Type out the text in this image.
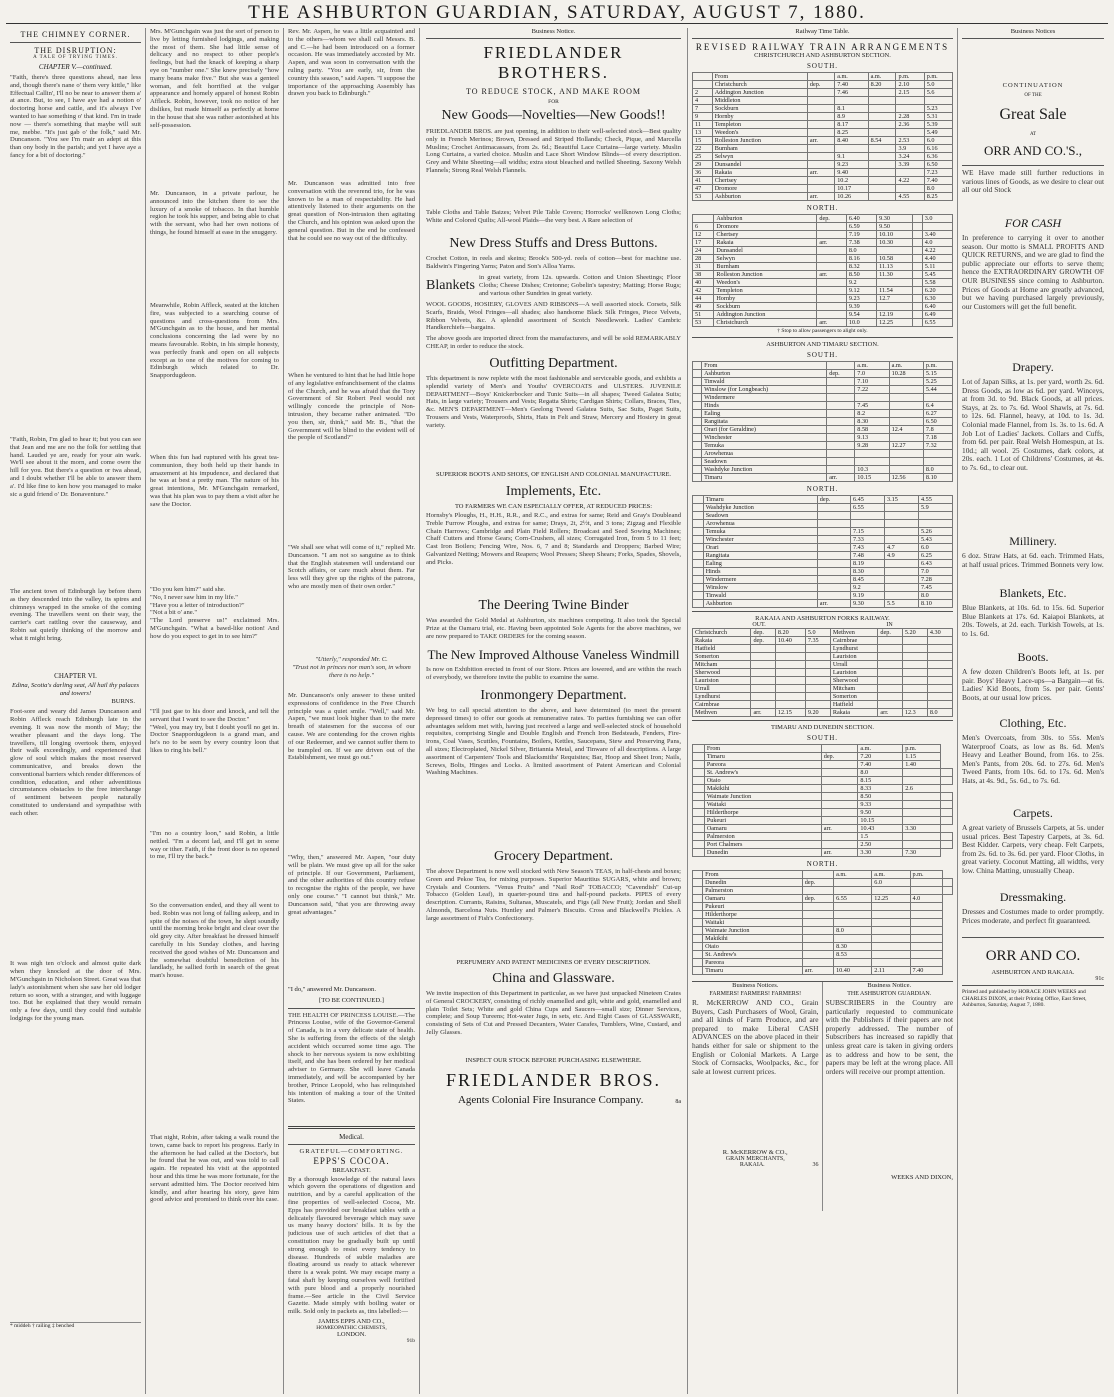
THE ASHBURTON GUARDIAN, SATURDAY, AUGUST 7, 1880.
THE CHIMNEY CORNER.
THE DISRUPTION:
A TALE OF TRYING TIMES.
CHAPTER V.—continued.
"Faith, there's three questions ahead, nae less and, though there's nane o' them very kittle," like Effectual Callin', I'll no be near to answer them a' at ance. But, to see, I have aye had a notion o' doctoring horse and cattle, and it's always I've wanted to hae something o' that kind. I'm in trade now — there's something that maybe will suit me, mebbe. "It's just gab o' the folk," said Mr. Duncanson. "You see I'm mair an adept at this than ony body in the parish; and yet I have aye a fancy for a bit of doctoring."
"Faith, Robin, I'm glad to hear it; but you can see that Jean and me are no the folk for settling that hand. Lauded ye are, ready for your ain wark. We'll see about it the morn, and come owre the hill for you. But there's a question or twa ahead, and I doubt whether I'll be able to answer them a'. I'd like fine to ken how you managed to make sic a guid friend o' Dr. Bonaventure."
The ancient town of Edinburgh lay before them as they descended into the valley, its spires and chimneys wrapped in the smoke of the coming evening. The travellers went on their way, the carrier's cart rattling over the causeway, and Robin sat quietly thinking of the morrow and what it might bring.
CHAPTER VI.
Edina, Scotia's darling seat, All hail thy palaces and towers!
BURNS.
Foot-sore and weary did James Duncanson and Robin Affleck reach Edinburgh late in the evening. It was now the month of May; the weather pleasant and the days long. The travellers, till longing overtook them, enjoyed their walk exceedingly, and experienced that glow of soul which makes the most reserved communicative, and breaks down the conventional barriers which render differences of condition, education, and other adventitious circumstances obstacles to the free interchange of sentiment between people naturally constituted to understand and sympathise with each other.
It was nigh ten o'clock and almost quite dark when they knocked at the door of Mrs. M'Gunchgain in Nicholson Street. Great was that lady's astonishment when she saw her old lodger return so soon, with a stranger, and with luggage too. But he explained that they would remain only a few days, until they could find suitable lodgings for the young man.
* middeh † railing ‡ benched
Mrs. M'Gunchgain was just the sort of person to live by letting furnished lodgings, and making the most of them. She had little sense of delicacy and no respect to other people's feelings, but had the knack of keeping a sharp eye on "number one." She knew precisely "how many beans make five." But she was a genteel woman, and felt horrified at the vulgar appearance and homely apparel of honest Robin Affleck. Robin, however, took no notice of her dislikes, but made himself as perfectly at home in the house that she was rather astonished at his self-possession.
Mr. Duncanson, in a private parlour, he announced into the kitchen there to see the luxury of a smoke of tobacco. In that humble region he took his supper, and being able to chat with the servant, who had her own notions of things, he found himself at ease in the snuggery.
Meanwhile, Robin Affleck, seated at the kitchen fire, was subjected to a searching course of questions and cross-questions from Mrs. M'Gunchgain as to the house, and her mental conclusions concerning the lad were by no means favourable. Robin, in his simple honesty, was perfectly frank and open on all subjects except as to one of the motives for coming to Edinburgh which related to Dr. Snappordugdeon.
When this fun had ruptured with his great tea-communion, they both held up their hands in amazement at his impudence, and declared that he was at best a pretty man. The nature of his great intentions, Mr. M'Gunchgain remarked, was that his plan was to pay them a visit after he saw the Doctor.
"Do you ken him?" said she.
"No, I never saw him in my life."
"Have you a letter of introduction?"
"Not a bit o' ane."
"The Lord preserve us!" exclaimed Mrs. M'Gunchgain. "What a bawd-like notion! And how do you expect to get in to see him?"
"I'll just gae to his door and knock, and tell the servant that I want to see the Doctor."
"Weel, you may try, but I doubt you'll no get in. Doctor Snappordugdeon is a grand man, and he's no to be seen by every country loon that likes to ring his bell."
"I'm no a country loon," said Robin, a little nettled. "I'm a decent lad, and I'll get in some way or ither. Faith, if the front door is no opened to me, I'll try the back."
So the conversation ended, and they all went to bed. Robin was not long of falling asleep, and in spite of the noises of the town, he slept soundly until the morning broke bright and clear over the old grey city. After breakfast he dressed himself carefully in his Sunday clothes, and having received the good wishes of Mr. Duncanson and the somewhat doubtful benediction of his landlady, he sallied forth in search of the great man's house.
That night, Robin, after taking a walk round the town, came back to report his progress. Early in the afternoon he had called at the Doctor's, but he found that he was out, and was told to call again. He repeated his visit at the appointed hour and this time he was more fortunate, for the servant admitted him. The Doctor received him kindly, and after hearing his story, gave him good advice and promised to think over his case.
Rev. Mr. Aspen, he was a little acquainted and to the others—whom we shall call Messrs. B. and C.—he had been introduced on a former occasion. He was immediately accosted by Mr. Aspen, and was soon in conversation with the ruling party. "You are early, sir, from the country this season," said Aspen. "I suppose the importance of the approaching Assembly has drawn you back to Edinburgh."
Mr. Duncanson was admitted into free conversation with the reverend trio, for he was known to be a man of respectability. He had attentively listened to their arguments on the great question of Non-intrusion then agitating the Church, and his opinion was asked upon the general question. But in the end he confessed that he could see no way out of the difficulty.
When he ventured to hint that he had little hope of any legislative enfranchisement of the claims of the Church, and he was afraid that the Tory Government of Sir Robert Peel would not willingly concede the principle of Non-intrusion, they became rather animated. "Do you then, sir, think," said Mr. B., "that the Government will be blind to the evident will of the people of Scotland?"
"We shall see what will come of it," replied Mr. Duncanson. "I am not so sanguine as to think that the English statesmen will understand our Scotch affairs, or care much about them. Far less will they give up the rights of the patrons, who are mostly men of their own order."
"Utterly," responded Mr. C.
"Trust not in princes nor man's son, in whom there is no help."
Mr. Duncanson's only answer to these united expressions of confidence in the Free Church principle was a quiet smile. "Well," said Mr. Aspen, "we must look higher than to the mere breath of statesmen for the success of our cause. We are contending for the crown rights of our Redeemer, and we cannot suffer them to be trampled on. If we are driven out of the Establishment, we must go out."
"Why, then," answered Mr. Aspen, "our duty will be plain. We must give up all for the sake of principle. If our Government, Parliament, and the other authorities of this country refuse to recognise the rights of the people, we have only one course." "I cannot but think," Mr. Duncanson said, "that you are throwing away great advantages."
"I do," answered Mr. Duncanson.
[TO BE CONTINUED.]
THE HEALTH OF PRINCESS LOUISE.—The Princess Louise, wife of the Governor-General of Canada, is in a very delicate state of health. She is suffering from the effects of the sleigh accident which occurred some time ago. The shock to her nervous system is now exhibiting itself, and she has been ordered by her medical adviser to Germany. She will leave Canada immediately, and will be accompanied by her brother, Prince Leopold, who has relinquished his intention of making a tour of the United States.
Medical.
GRATEFUL—COMFORTING.
EPPS'S COCOA.
BREAKFAST.
By a thorough knowledge of the natural laws which govern the operations of digestion and nutrition, and by a careful application of the fine properties of well-selected Cocoa, Mr. Epps has provided our breakfast tables with a delicately flavoured beverage which may save us many heavy doctors' bills. It is by the judicious use of such articles of diet that a constitution may be gradually built up until strong enough to resist every tendency to disease. Hundreds of subtle maladies are floating around us ready to attack wherever there is a weak point. We may escape many a fatal shaft by keeping ourselves well fortified with pure blood and a properly nourished frame.—See article in the Civil Service Gazette. Made simply with boiling water or milk. Sold only in packets as, tins labelled:—
JAMES EPPS AND CO.,
HOMŒOPATHIC CHEMISTS,
LONDON.
91b
Business Notice.
FRIEDLANDER BROTHERS.
TO REDUCE STOCK, AND MAKE ROOM
FOR
New Goods—Novelties—New Goods!!
FRIEDLANDER BROS. are just opening, in addition to their well-selected stock—Best quality only in French Merinos; Brown, Dressed and Striped Hollands; Check, Pique, and Marcella Muslins; Crochet Antimacassars, from 2s. 6d.; Beautiful Lace Curtains—large variety. Muslin Long Curtains, a varied choice. Muslin and Lace Short Window Blinds—of every description. Grey and White Sheeting—all widths; extra stout bleached and twilled Sheeting. Saxony Welsh Flannels; Strong Real Welsh Flannels.
Table Cloths and Table Baizes; Velvet Pile Table Covers; Horrocks' wellknown Long Cloths; White and Colored Quilts; All-wool Plaids—the very best. A Rare selection of
New Dress Stuffs and Dress Buttons.
Crochet Cotton, in reels and skeins; Brook's 500-yd. reels of cotton—best for machine use. Baldwin's Fingering Yarns; Paton and Son's Alloa Yarns.
Blankets
in great variety, from 12s. upwards. Cotton and Union Sheetings; Floor Cloths; Cheese Dishes; Cretonne; Gobelin's tapestry; Matting; Horse Rugs; and various other Sundries in great variety.
WOOL GOODS, HOSIERY, GLOVES AND RIBBONS—A well assorted stock. Corsets, Silk Scarfs, Braids, Wool Fringes—all shades; also handsome Black Silk Fringes, Piece Velvets, Ribbon Velvets, &c. A splendid assortment of Scotch Needlework. Ladies' Cambric Handkerchiefs—bargains.
The above goods are imported direct from the manufacturers, and will be sold REMARKABLY CHEAP, in order to reduce the stock.
Outfitting Department.
This department is now replete with the most fashionable and serviceable goods, and exhibits a splendid variety of Men's and Youths' OVERCOATS and ULSTERS. JUVENILE DEPARTMENT—Boys' Knickerbocker and Tunic Suits—in all shapes; Tweed Galatea Suits; Hats, in large variety; Trousers and Vests; Regatta Shirts; Cardigan Shirts; Collars, Braces, Ties, &c. MEN'S DEPARTMENT—Men's Geelong Tweed Galatea Suits, Sac Suits, Paget Suits, Trousers and Vests, Waterproofs, Shirts, Hats in Felt and Straw, Mercery and Hosiery in great variety.
SUPERIOR BOOTS AND SHOES, OF ENGLISH AND COLONIAL MANUFACTURE.
Implements, Etc.
TO FARMERS WE CAN ESPECIALLY OFFER, AT REDUCED PRICES:
Hornsby's Ploughs, H., H.H., R.R., and R.C., and extras for same; Reid and Gray's Doubleand Treble Furrow Ploughs, and extras for same; Drays, 2t, 2½t, and 3 tons; Zigzag and Flexible Chain Harrows; Cambridge and Plain Field Rollers; Broadcast and Seed Sowing Machines; Chaff Cutters and Horse Gears; Corn-Crushers, all sizes; Corrugated Iron, from 5 to 11 feet; Cast Iron Boilers; Fencing Wire, Nos. 6, 7 and 8; Standards and Droppers; Barbed Wire; Galvanized Netting; Mowers and Reapers; Wool Presses; Sheep Shears; Forks, Spades, Shovels, and Picks.
The Deering Twine Binder
Was awarded the Gold Medal at Ashburton, six machines competing. It also took the Special Prize at the Oamaru trial, etc. Having been appointed Sole Agents for the above machines, we are now prepared to TAKE ORDERS for the coming season.
The New Improved Althouse Vaneless Windmill
Is now on Exhibition erected in front of our Store. Prices are lowered, and are within the reach of everybody, we therefore invite the public to examine the same.
Ironmongery Department.
We beg to call special attention to the above, and have determined (to meet the present depressed times) to offer our goods at remunerative rates. To parties furnishing we can offer advantages seldom met with, having just received a large and well-selected stock of household requisites, comprising Single and Double English and French Iron Bedsteads, Fenders, Fire-irons, Coal Vases, Scuttles, Fountains, Boilers, Kettles, Saucepans, Stew and Preserving Pans, all sizes; Electroplated, Nickel Silver, Britannia Metal, and Tinware of all descriptions. A large assortment of Carpenters' Tools and Blacksmiths' Requisites; Bar, Hoop and Sheet Iron; Nails, Screws, Bolts, Hinges and Locks. A limited assortment of Patent American and Colonial Washing Machines.
Grocery Department.
The above Department is now well stocked with New Season's TEAS, in half-chests and boxes; Green and Pekoe Tea, for mixing purposes. Superior Mauritius SUGARS, white and brown; Crystals and Counters. "Venus Fruits" and "Nail Rod" TOBACCO; "Cavendish" Cut-up Tobacco (Golden Leaf), in quarter-pound tins and half-pound packets. PIPES of every description. Currants, Raisins, Sultanas, Muscatels, and Figs (all New Fruit); Jordan and Shell Almonds, Barcelona Nuts. Huntley and Palmer's Biscuits. Cross and Blackwell's Pickles. A large assortment of Fish's Confectionery.
PERFUMERY AND PATENT MEDICINES OF EVERY DESCRIPTION.
China and Glassware.
We invite inspection of this Department in particular, as we have just unpacked Nineteen Crates of General CROCKERY, consisting of richly enamelled and gilt, white and gold, enamelled and plain Toilet Sets; White and gold China Cups and Saucers—small size; Dinner Services, complete; and Soup Tureens; Hot-water Jugs, in sets, etc. And Eight Cases of GLASSWARE, consisting of Sets of Cut and Pressed Decanters, Water Carafes, Tumblers, Wine, Custard, and Jelly Glasses.
INSPECT OUR STOCK BEFORE PURCHASING ELSEWHERE.
FRIEDLANDER BROS.
Agents Colonial Fire Insurance Company.	8a
Railway Time Table.
REVISED RAILWAY TRAIN ARRANGEMENTS
CHRISTCHURCH AND ASHBURTON SECTION.
SOUTH.
	From		a.m.	a.m.	p.m.	p.m.
	Christchurch	dep.	7.40	8.20	2.10	5.0
2	Addington Junction		7.46		2.15	5.6
4	Middleton					
7	Sockburn		8.1			5.23
9	Hornby		8.9		2.28	5.31
11	Templeton		8.17		2.36	5.39
13	Weedon's		8.25			5.49
15	Rolleston Junction	arr.	8.40	8.54	2.53	6.0
22	Burnham				3.9	6.16
25	Selwyn		9.1		3.24	6.36
29	Dunsandel		9.23		3.39	6.50
36	Rakaia	arr.	9.40			7.23
41	Chertsey		10.2		4.22	7.40
47	Dromore		10.17			8.0
53	Ashburton	arr.	10.26		4.55	8.25
NORTH.
	Ashburton	dep.	6.40	9.30		3.0
6	Dromore		6.59	9.50		
12	Chertsey		7.19	10.10		3.40
17	Rakaia	arr.	7.38	10.30		4.0
24	Dunsandel		8.0			4.22
28	Selwyn		8.16	10.58		4.40
31	Burnham		8.32	11.13		5.11
38	Rolleston Junction	arr.	8.50	11.30		5.45
40	Weedon's		9.2			5.58
42	Templeton		9.12	11.54		6.20
44	Hornby		9.23	12.7		6.30
49	Sockburn		9.39			6.40
51	Addington Junction		9.54	12.19		6.49
53	Christchurch	arr.	10.0	12.25		6.55
† Stop to allow passengers to alight only.
ASHBURTON AND TIMARU SECTION.
SOUTH.
	From		a.m.	a.m.	p.m.
	Ashburton	dep.	7.0	10.28	5.15
	Tinwald		7.10		5.25
	Winslow (for Longbeach)		7.22		5.44
	Windermere				
	Hinds		7.45		6.4
	Ealing		8.2		6.27
	Rangitata		8.30		6.50
	Orari (for Geraldine)		8.58	12.4	7.8
	Winchester		9.13		7.18
	Temuka		9.28	12.27	7.32
	Arowhenua				
	Seadown				
	Washdyke Junction		10.3		8.0
	Timaru	arr.	10.15	12.56	8.10
NORTH.
	Timaru	dep.	6.45	3.15	4.55
	Washdyke Junction		6.55		5.9
	Seadown				
	Arowhenua				
	Temuka		7.15		5.26
	Winchester		7.33		5.43
	Orari		7.43	4.7	6.0
	Rangitata		7.48	4.9	6.25
	Ealing		8.19		6.43
	Hinds		8.30		7.0
	Windermere		8.45		7.28
	Winslow		9.2		7.45
	Tinwald		9.19		8.0
	Ashburton	arr.	9.30	5.5	8.10
RAKAIA AND ASHBURTON FORKS RAILWAY.
OUT.	IN
Christchurch	dep.	8.20	5.0	Methven	dep.	5.20	4.30
Rakaia	dep.	10.40	7.35	Cairnbrae			
Hatfield				Lyndhurst			
Somerton				Lauriston			
Mitcham				Urrall			
Sherwood				Lauriston			
Lauriston				Sherwood			
Urrall				Mitcham			
Lyndhurst				Somerton			
Cairnbrae				Hatfield			
Methven	arr.	12.15	9.20	Rakaia	arr.	12.3	8.0
TIMARU AND DUNEDIN SECTION.
SOUTH.
	From		a.m.	p.m.	
	Timaru	dep.	7.20	1.15	
	Pareora		7.40	1.40	
	St. Andrew's		8.0		
	Otaio		8.15		
	Makikihi		8.33	2.6	
	Waimate Junction		8.50		
	Waitaki		9.33		
	Hilderthorpe		9.50		
	Pukeuri		10.15		
	Oamaru	arr.	10.43	3.30	
	Palmerston		1.5		
	Port Chalmers		2.50		
	Dunedin	arr.	3.30	7.30	
NORTH.
	From		a.m.	a.m.	p.m.	
	Dunedin	dep.		6.0		
	Palmerston					
	Oamaru	dep.	6.55	12.25	4.0	
	Pukeuri					
	Hilderthorpe					
	Waitaki					
	Waimate Junction		8.0			
	Makikihi					
	Otaio		8.30			
	St. Andrew's		8.53			
	Pareora					
	Timaru	arr.	10.40	2.11	7.40	
Business Notices.
FARMERS! FARMERS! FARMERS!
R. McKERROW AND CO., Grain Buyers, Cash Purchasers of Wool, Grain, and all kinds of Farm Produce, and are prepared to make Liberal CASH ADVANCES on the above placed in their hands either for sale or shipment to the English or Colonial Markets. A Large Stock of Cornsacks, Woolpacks, &c., for sale at lowest current prices.
R. McKERROW & CO.,
GRAIN MERCHANTS,
RAKAIA.	36
Business Notice.
THE ASHBURTON GUARDIAN.
SUBSCRIBERS in the Country are particularly requested to communicate with the Publishers if their papers are not properly addressed. The number of Subscribers has increased so rapidly that unless great care is taken in giving orders as to address and how to be sent, the papers may be left at the wrong place. All orders will receive our prompt attention.
WEEKS AND DIXON,
Business Notices
CONTINUATION
OF THE
Great Sale
AT
ORR AND CO.'S.,
WE Have made still further reductions in various lines of Goods, as we desire to clear out all our old Stock
FOR CASH
In preference to carrying it over to another season. Our motto is SMALL PROFITS AND QUICK RETURNS, and we are glad to find the public appreciate our efforts to serve them; hence the EXTRAORDINARY GROWTH OF OUR BUSINESS since coming to Ashburton. Prices of Goods at Home are greatly advanced, but we having purchased largely previously, our Customers will get the full benefit.
Drapery.
Lot of Japan Silks, at 1s. per yard, worth 2s. 6d. Dress Goods, as low as 6d. per yard. Winceys, at from 3d. to 9d. Black Goods, at all prices. Stays, at 2s. to 7s. 6d. Wool Shawls, at 7s. 6d. to 12s. 6d. Flannel, heavy, at 10d. to 1s. 3d. Colonial made Flannel, from 1s. 3s. to 1s. 6d. A Job Lot of Ladies' Jackets. Collars and Cuffs, from 6d. per pair. Real Welsh Homespun, at 1s. 10d.; all wool. 25 Costumes, dark colors, at 20s. each. 1 Lot of Childrens' Costumes, at 4s. to 7s. 6d., to clear out.
Millinery.
6 doz. Straw Hats, at 6d. each. Trimmed Hats, at half usual prices. Trimmed Bonnets very low.
Blankets, Etc.
Blue Blankets, at 10s. 6d. to 15s. 6d. Superior Blue Blankets at 17s. 6d. Kaiapoi Blankets, at 20s. Towels, at 2d. each. Turkish Towels, at 1s. to 1s. 6d.
Boots.
A few dozen Children's Boots left, at 1s. per pair. Boys' Heavy Lace-ups—a Bargain—at 6s. Ladies' Kid Boots, from 5s. per pair. Gents' Boots, at our usual low prices.
Clothing, Etc.
Men's Overcoats, from 30s. to 55s. Men's Waterproof Coats, as low as 8s. 6d. Men's Heavy and Leather Bound, from 16s. to 25s. Men's Pants, from 20s. 6d. to 27s. 6d. Men's Tweed Pants, from 10s. 6d. to 17s. 6d. Men's Hats, at 4s. 9d., 5s. 6d., to 7s. 6d.
Carpets.
A great variety of Brussels Carpets, at 5s. under usual prices. Best Tapestry Carpets, at 3s. 6d. Best Kidder. Carpets, very cheap. Felt Carpets, from 2s. 6d. to 3s. 6d. per yard. Floor Cloths, in great variety. Coconut Matting, all widths, very low. China Matting, unusually Cheap.
Dressmaking.
Dresses and Costumes made to order promptly. Prices moderate, and perfect fit guaranteed.
ORR AND CO.
ASHBURTON AND RAKAIA.
91c
Printed and published by HORACE JOHN WEEKS and CHARLES DIXON, at their Printing Office, East Street, Ashburton, Saturday, August 7, 1880.
